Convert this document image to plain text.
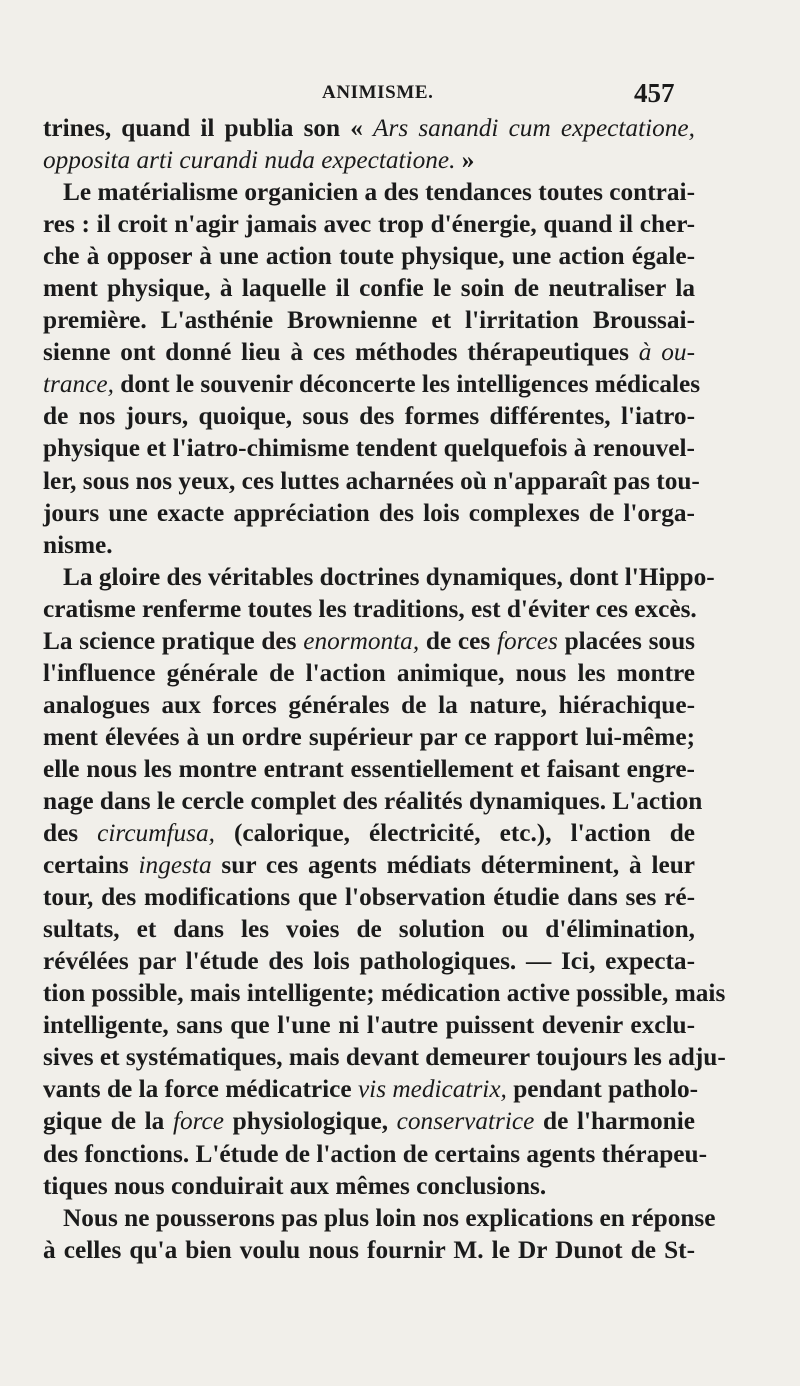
ANIMISME.	457
trines, quand il publia son « Ars sanandi cum expectatione,
opposita arti curandi nuda expectatione. »
Le matérialisme organicien a des tendances toutes contrai-
res : il croit n'agir jamais avec trop d'énergie, quand il cher-
che à opposer à une action toute physique, une action égale-
ment physique, à laquelle il confie le soin de neutraliser la
première. L'asthénie Brownienne et l'irritation Broussai-
sienne ont donné lieu à ces méthodes thérapeutiques à ou-
trance, dont le souvenir déconcerte les intelligences médicales
de nos jours, quoique, sous des formes différentes, l'iatro-
physique et l'iatro-chimisme tendent quelquefois à renouvel-
ler, sous nos yeux, ces luttes acharnées où n'apparaît pas tou-
jours une exacte appréciation des lois complexes de l'orga-
nisme.
La gloire des véritables doctrines dynamiques, dont l'Hippo-
cratisme renferme toutes les traditions, est d'éviter ces excès.
La science pratique des enormonta, de ces forces placées sous
l'influence générale de l'action animique, nous les montre
analogues aux forces générales de la nature, hiérachique-
ment élevées à un ordre supérieur par ce rapport lui-même;
elle nous les montre entrant essentiellement et faisant engre-
nage dans le cercle complet des réalités dynamiques. L'action
des circumfusa, (calorique, électricité, etc.), l'action de
certains ingesta sur ces agents médiats déterminent, à leur
tour, des modifications que l'observation étudie dans ses ré-
sultats, et dans les voies de solution ou d'élimination,
révélées par l'étude des lois pathologiques. — Ici, expecta-
tion possible, mais intelligente; médication active possible, mais
intelligente, sans que l'une ni l'autre puissent devenir exclu-
sives et systématiques, mais devant demeurer toujours les adju-
vants de la force médicatrice vis medicatrix, pendant patholo-
gique de la force physiologique, conservatrice de l'harmonie
des fonctions. L'étude de l'action de certains agents thérapeu-
tiques nous conduirait aux mêmes conclusions.
Nous ne pousserons pas plus loin nos explications en réponse
à celles qu'a bien voulu nous fournir M. le Dr Dunot de St-
